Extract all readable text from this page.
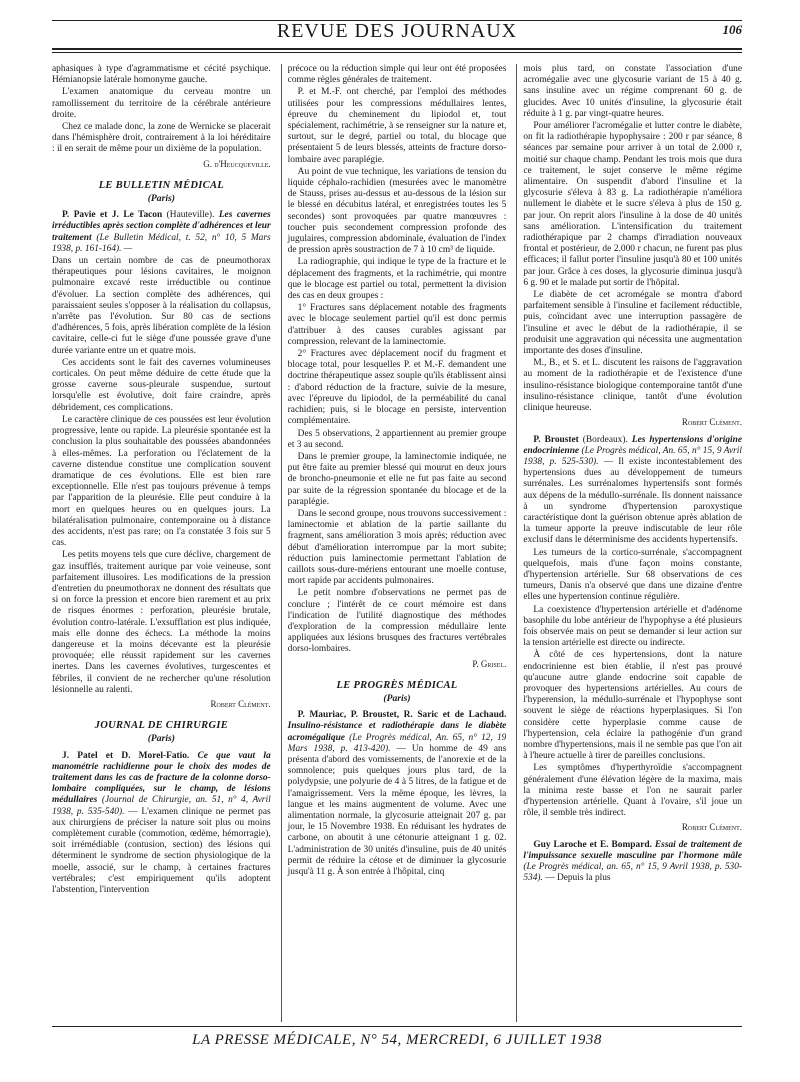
REVUE DES JOURNAUX	106

aphasiques à type d'agrammatisme et cécité psychique. Hémianopsie latérale homonyme gauche.

L'examen anatomique du cerveau montre un ramollissement du territoire de la cérébrale antérieure droite.

Chez ce malade donc, la zone de Wernicke se placerait dans l'hémisphère droit, contrairement à la loi héréditaire : il en serait de même pour un dixième de la population.

G. d'Heucqueville.

LE BULLETIN MÉDICAL
(Paris)

P. Pavie et J. Le Tacon (Hauteville). Les cavernes irréductibles après section complète d'adhérences et leur traitement (Le Bulletin Médical, t. 52, n° 10, 5 Mars 1938, p. 161-164). —

Dans un certain nombre de cas de pneumothorax thérapeutiques pour lésions cavitaires, le moignon pulmonaire excavé reste irréductible ou continue d'évoluer. La section complète des adhérences, qui paraissaient seules s'opposer à la réalisation du collapsus, n'arrête pas l'évolution. Sur 80 cas de sections d'adhérences, 5 fois, après libération complète de la lésion cavitaire, celle-ci fut le siège d'une poussée grave d'une durée variante entre un et quatre mois.

Ces accidents sont le fait des cavernes volumineuses corticales. On peut même déduire de cette étude que la grosse caverne sous-pleurale suspendue, surtout lorsqu'elle est évolutive, doit faire craindre, après débridement, ces complications.

Le caractère clinique de ces poussées est leur évolution progressive, lente ou rapide. La pleurésie spontanée est la conclusion la plus souhaitable des poussées abandonnées à elles-mêmes. La perforation ou l'éclatement de la caverne distendue constitue une complication souvent dramatique de ces évolutions. Elle est bien rare exceptionnelle. Elle n'est pas toujours prévenue à temps par l'apparition de la pleurésie. Elle peut conduire à la mort en quelques heures ou en quelques jours. La bilatéralisation pulmonaire, contemporaine ou à distance des accidents, n'est pas rare; on l'a constatée 3 fois sur 5 cas.

Les petits moyens tels que cure déclive, chargement de gaz insufflés, traitement aurique par voie veineuse, sont parfaitement illusoires. Les modifications de la pression d'entretien du pneumothorax ne donnent des résultats que si on force la pression et encore bien rarement et au prix de risques énormes : perforation, pleurésie brutale, évolution contro-latérale. L'exsufflation est plus indiquée, mais elle donne des échecs. La méthode la moins dangereuse et la moins décevante est la pleurésie provoquée; elle réussit rapidement sur les cavernes inertes. Dans les cavernes évolutives, turgescentes et fébriles, il convient de ne rechercher qu'une résolution lésionnelle au ralenti.

Robert Clément.

JOURNAL DE CHIRURGIE
(Paris)

J. Patel et D. Morel-Fatio. Ce que vaut la manométrie rachidienne pour le choix des modes de traitement dans les cas de fracture de la colonne dorso-lombaire compliquées, sur le champ, de lésions médullaires (Journal de Chirurgie, an. 51, n° 4, Avril 1938, p. 535-540). — L'examen clinique ne permet pas aux chirurgiens de préciser la nature soit plus ou moins complètement curable (commotion, œdème, hémorragie), soit irrémédiable (contusion, section) des lésions qui déterminent le syndrome de section physiologique de la moelle, associé, sur le champ, à certaines fractures vertébrales; c'est empiriquement qu'ils adoptent l'abstention, l'intervention

précoce ou la réduction simple qui leur ont été proposées comme règles générales de traitement.

P. et M.-F. ont cherché, par l'emploi des méthodes utilisées pour les compressions médullaires lentes, épreuve du cheminement du lipiodol et, tout spécialement, rachimétrie, à se renseigner sur la nature et, surtout, sur le degré, partiel ou total, du blocage que présentaient 5 de leurs blessés, atteints de fracture dorso-lombaire avec paraplégie.

Au point de vue technique, les variations de tension du liquide céphalo-rachidien (mesurées avec le manomètre de Stauss, prises au-dessus et au-dessous de la lésion sur le blessé en décubitus latéral, et enregistrées toutes les 5 secondes) sont provoquées par quatre manœuvres : toucher puis secondement compression profonde des jugulaires, compression abdominale, évaluation de l'index de pression après soustraction de 7 à 10 cm³ de liquide.

La radiographie, qui indique le type de la fracture et le déplacement des fragments, et la rachimétrie, qui montre que le blocage est partiel ou total, permettent la division des cas en deux groupes :

1° Fractures sans déplacement notable des fragments avec le blocage seulement partiel qu'il est donc permis d'attribuer à des causes curables agissant par compression, relevant de la laminectomie.

2° Fractures avec déplacement nocif du fragment et blocage total, pour lesquelles P. et M.-F. demandent une doctrine thérapeutique assez souple qu'ils établissent ainsi : d'abord réduction de la fracture, suivie de la mesure, avec l'épreuve du lipiodol, de la perméabilité du canal rachidien; puis, si le blocage en persiste, intervention complémentaire.

Des 5 observations, 2 appartiennent au premier groupe et 3 au second.

Dans le premier groupe, la laminectomie indiquée, ne put être faite au premier blessé qui mourut en deux jours de broncho-pneumonie et elle ne fut pas faite au second par suite de la régression spontanée du blocage et de la paraplégie.

Dans le second groupe, nous trouvons successivement : laminectomie et ablation de la partie saillante du fragment, sans amélioration 3 mois après; réduction avec début d'amélioration interrompue par la mort subite; réduction puis laminectomie permettant l'ablation de caillots sous-dure-mériens entourant une moelle contuse, mort rapide par accidents pulmonaires.

Le petit nombre d'observations ne permet pas de conclure ; l'intérêt de ce court mémoire est dans l'indication de l'utilité diagnostique des méthodes d'exploration de la compression médullaire lente appliquées aux lésions brusques des fractures vertébrales dorso-lombaires.

P. Grisel.

LE PROGRÈS MÉDICAL
(Paris)

P. Mauriac, P. Broustet, R. Saric et de Lachaud. Insulino-résistance et radiothérapie dans le diabète acromégalique (Le Progrès médical, An. 65, n° 12, 19 Mars 1938, p. 413-420). — Un homme de 49 ans présenta d'abord des vomissements, de l'anorexie et de la somnolence; puis quelques jours plus tard, de la polydypsie, une polyurie de 4 à 5 litres, de la fatigue et de l'amaigrissement. Vers la même époque, les lèvres, la langue et les mains augmentent de volume. Avec une alimentation normale, la glycosurie atteignait 207 g. par jour, le 15 Novembre 1938. En réduisant les hydrates de carbone, on aboutit à une cétonurie atteignant 1 g. 02. L'administration de 30 unités d'insuline, puis de 40 unités permit de réduire la cétose et de diminuer la glycosurie jusqu'à 11 g. À son entrée à l'hôpital, cinq

mois plus tard, on constate l'association d'une acromégalie avec une glycosurie variant de 15 à 40 g. sans insuline avec un régime comprenant 60 g. de glucides. Avec 10 unités d'insuline, la glycosurie était réduite à 1 g. par vingt-quatre heures.

Pour améliorer l'acromégalie et lutter contre le diabète, on fit la radiothérapie hypophysaire : 200 r par séance, 8 séances par semaine pour arriver à un total de 2.000 r, moitié sur chaque champ. Pendant les trois mois que dura ce traitement, le sujet conserve le même régime alimentaire. On suspendit d'abord l'insuline et la glycosurie s'éleva à 83 g. La radiothérapie n'améliora nullement le diabète et le sucre s'éleva à plus de 150 g. par jour. On reprit alors l'insuline à la dose de 40 unités sans amélioration. L'intensification du traitement radiothérapique par 2 champs d'irradiation nouveaux frontal et postérieur, de 2.000 r chacun, ne furent pas plus efficaces; il fallut porter l'insuline jusqu'à 80 et 100 unités par jour. Grâce à ces doses, la glycosurie diminua jusqu'à 6 g. 90 et le malade put sortir de l'hôpital.

Le diabète de cet acromégale se montra d'abord parfaitement sensible à l'insuline et facilement réductible, puis, coïncidant avec une interruption passagère de l'insuline et avec le début de la radiothérapie, il se produisit une aggravation qui nécessita une augmentation importante des doses d'insuline.

M., B., et S. et L. discutent les raisons de l'aggravation au moment de la radiothérapie et de l'existence d'une insulino-résistance biologique contemporaine tantôt d'une insulino-résistance clinique, tantôt d'une évolution clinique heureuse.

Robert Clément.

P. Broustet (Bordeaux). Les hypertensions d'origine endocrinienne (Le Progrès médical, An. 65, n° 15, 9 Avril 1938, p. 525-530). — Il existe incontestablement des hypertensions dues au développement de tumeurs surrénales. Les surrénalomes hypertensifs sont formés aux dépens de la médullo-surrénale. Ils donnent naissance à un syndrome d'hypertension paroxystique caractéristique dont la guérison obtenue après ablation de la tumeur apporte la preuve indiscutable de leur rôle exclusif dans le déterminisme des accidents hypertensifs.

Les tumeurs de la cortico-surrénale, s'accompagnent quelquefois, mais d'une façon moins constante, d'hypertension artérielle. Sur 68 observations de ces tumeurs, Danis n'a observé que dans une dizaine d'entre elles une hypertension continue régulière.

La coexistence d'hypertension artérielle et d'adénome basophile du lobe antérieur de l'hypophyse a été plusieurs fois observée mais on peut se demander si leur action sur la tension artérielle est directe ou indirecte.

À côté de ces hypertensions, dont la nature endocrinienne est bien établie, il n'est pas prouvé qu'aucune autre glande endocrine soit capable de provoquer des hypertensions artérielles. Au cours de l'hyperension, la médullo-surrénale et l'hypophyse sont souvent le siège de réactions hyperplasiques. Si l'on considère cette hyperplasie comme cause de l'hypertension, cela éclaire la pathogénie d'un grand nombre d'hypertensions, mais il ne semble pas que l'on ait à l'heure actuelle à tirer de pareilles conclusions.

Les symptômes d'hyperthyroïdie s'accompagnent généralement d'une élévation légère de la maxima, mais la minima reste basse et l'on ne saurait parler d'hypertension artérielle. Quant à l'ovaire, s'il joue un rôle, il semble très indirect.

Robert Clément.

Guy Laroche et E. Bompard. Essai de traitement de l'impuissance sexuelle masculine par l'hormone mâle (Le Progrès médical, an. 65, n° 15, 9 Avril 1938, p. 530-534). — Depuis la plus

LA PRESSE MÉDICALE, N° 54, MERCREDI, 6 JUILLET 1938
